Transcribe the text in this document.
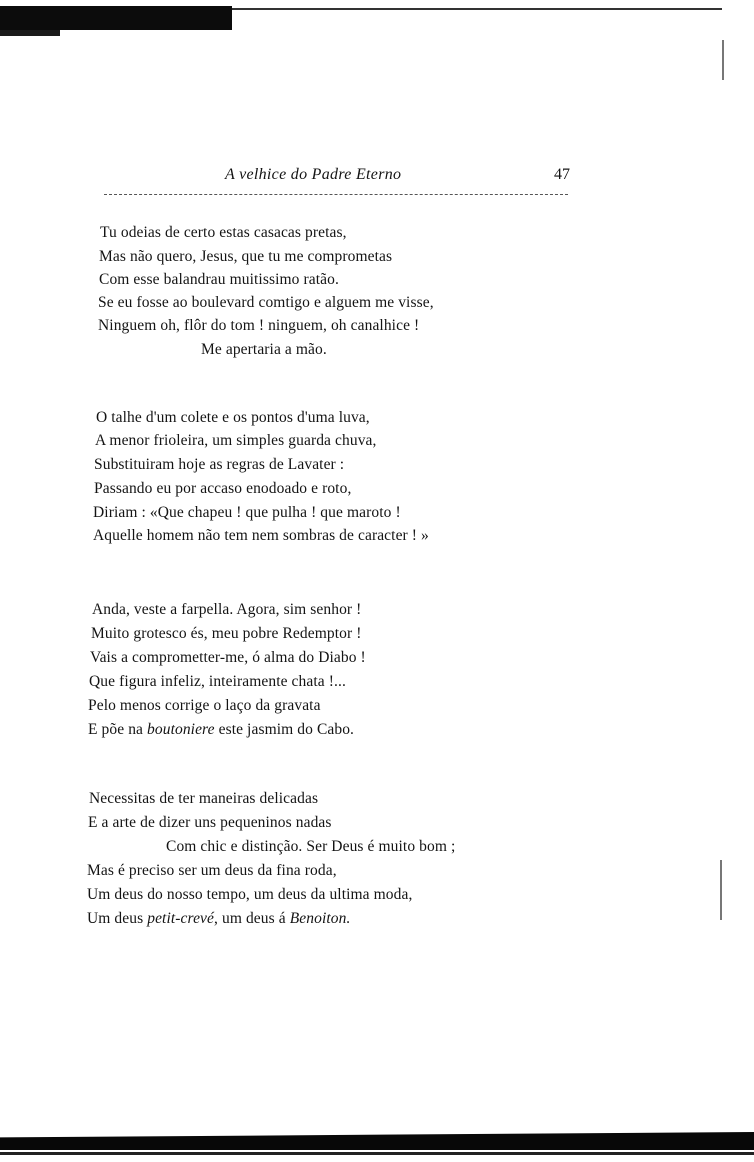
A velhice do Padre Eterno	47
Tu odeias de certo estas casacas pretas,
Mas não quero, Jesus, que tu me comprometas
Com esse balandrau muitissimo ratão.
Se eu fosse ao boulevard comtigo e alguem me visse,
Ninguem oh, flôr do tom ! ninguem, oh canalhice !
Me apertaria a mão.
O talhe d'um colete e os pontos d'uma luva,
A menor frioleira, um simples guarda chuva,
Substituiram hoje as regras de Lavater :
Passando eu por accaso enodoado e roto,
Diriam : «Que chapeu ! que pulha ! que maroto !
Aquelle homem não tem nem sombras de caracter ! »
Anda, veste a farpella. Agora, sim senhor !
Muito grotesco és, meu pobre Redemptor !
Vais a comprometter-me, ó alma do Diabo !
Que figura infeliz, inteiramente chata !...
Pelo menos corrige o laço da gravata
E põe na boutoniere este jasmim do Cabo.
Necessitas de ter maneiras delicadas
E a arte de dizer uns pequeninos nadas
Com chic e distinção. Ser Deus é muito bom ;
Mas é preciso ser um deus da fina roda,
Um deus do nosso tempo, um deus da ultima moda,
Um deus petit-crevé, um deus á Benoiton.
